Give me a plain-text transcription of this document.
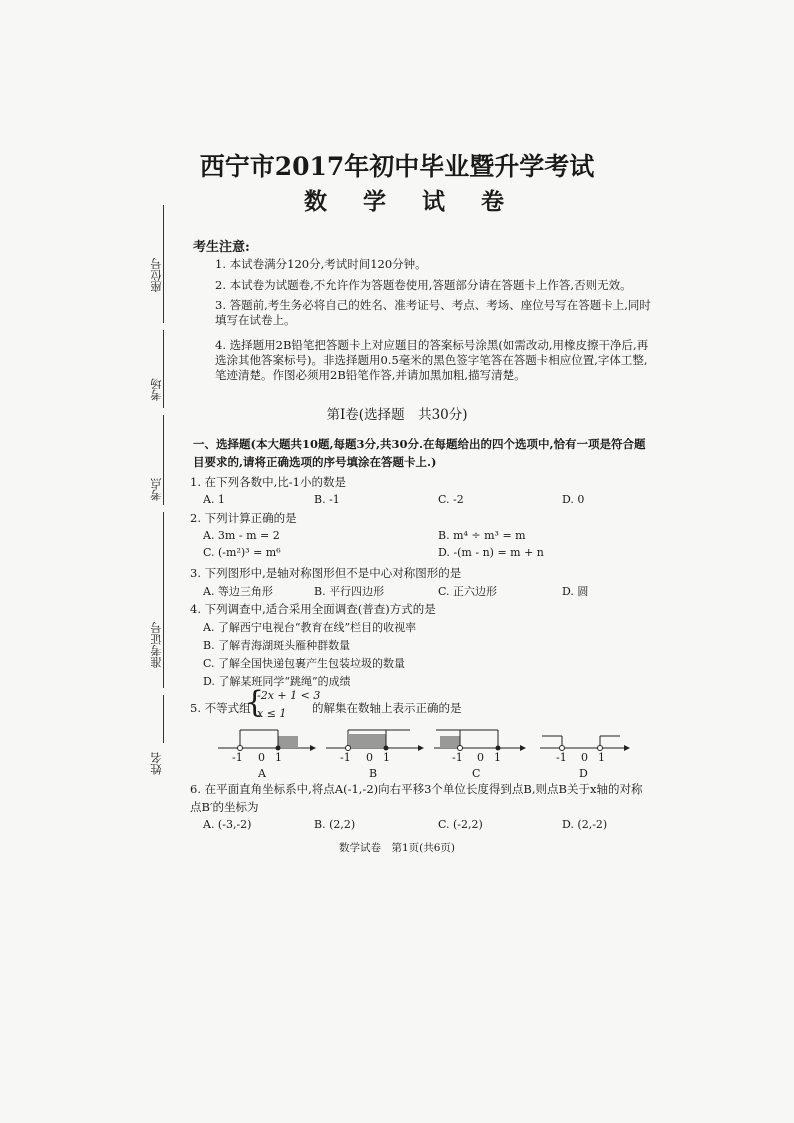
座位号
考场
考点
准考证号
姓名
西宁市2017年初中毕业暨升学考试
数 学 试 卷
考生注意:
1. 本试卷满分120分,考试时间120分钟。
2. 本试卷为试题卷,不允许作为答题卷使用,答题部分请在答题卡上作答,否则无效。
3. 答题前,考生务必将自己的姓名、准考证号、考点、考场、座位号写在答题卡上,同时填写在试卷上。
4. 选择题用2B铅笔把答题卡上对应题目的答案标号涂黑(如需改动,用橡皮擦干净后,再选涂其他答案标号)。非选择题用0.5毫米的黑色签字笔答在答题卡相应位置,字体工整,笔迹清楚。作图必须用2B铅笔作答,并请加黑加粗,描写清楚。
第Ⅰ卷(选择题　共30分)
一、选择题(本大题共10题,每题3分,共30分.在每题给出的四个选项中,恰有一项是符合题目要求的,请将正确选项的序号填涂在答题卡上.)
1. 在下列各数中,比-1小的数是
A. 1	B. -1	C. -2	D. 0
2. 下列计算正确的是
A. 3m - m = 2	B. m⁴ ÷ m³ = m
C. (-m²)³ = m⁶	D. -(m - n) = m + n
3. 下列图形中,是轴对称图形但不是中心对称图形的是
A. 等边三角形	B. 平行四边形	C. 正六边形	D. 圆
4. 下列调查中,适合采用全面调查(普查)方式的是
A. 了解西宁电视台“教育在线”栏目的收视率
B. 了解青海湖斑头雁种群数量
C. 了解全国快递包裹产生包装垃圾的数量
D. 了解某班同学“跳绳”的成绩
5. 不等式组
{
-2x + 1 < 3
x ≤ 1 的解集在数轴上表示正确的是
-1 0 1	-1 0 1	-1 0 1	-1 0 1
A	B	C	D
6. 在平面直角坐标系中,将点A(-1,-2)向右平移3个单位长度得到点B,则点B关于x轴的对称点B′的坐标为
A. (-3,-2)	B. (2,2)	C. (-2,2)	D. (2,-2)
数学试卷　第1页(共6页)
